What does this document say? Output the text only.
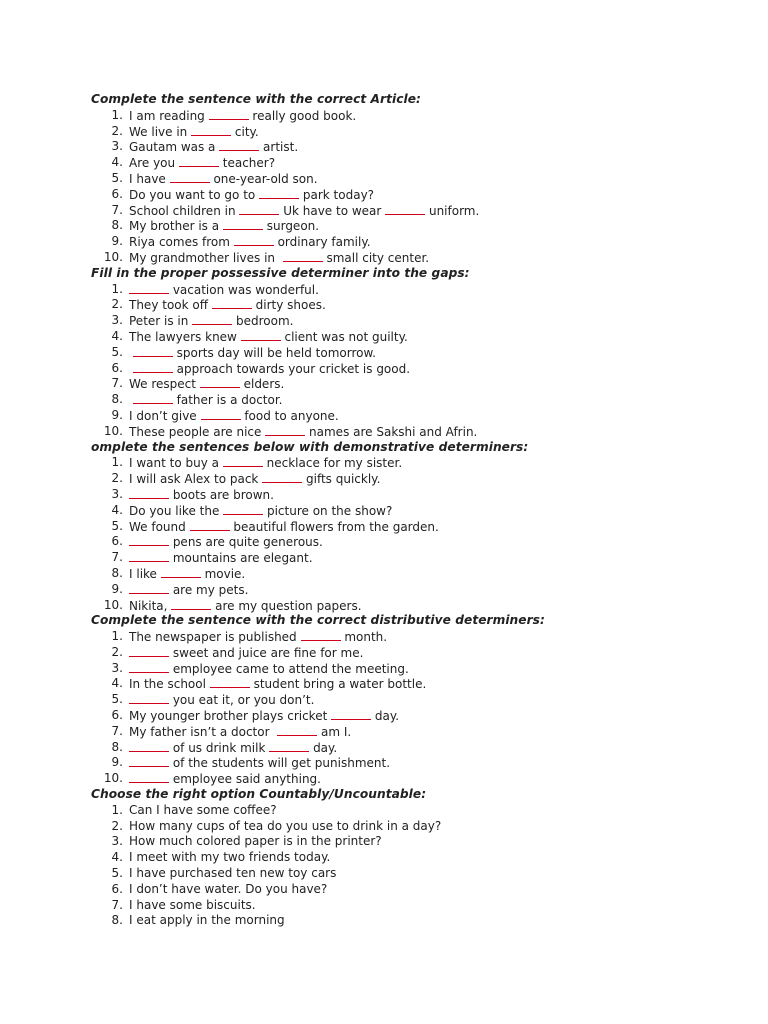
Complete the sentence with the correct Article:
1. I am reading	really good book.
2. We live in	city.
3. Gautam was a	artist.
4. Are you	teacher?
5. I have	one-year-old son.
6. Do you want to go to	park today?
7. School children in	Uk have to wear	uniform.
8. My brother is a	surgeon.
9. Riya comes from	ordinary family.
10. My grandmother lives in	small city center.
Fill in the proper possessive determiner into the gaps:
1.	vacation was wonderful.
2. They took off	dirty shoes.
3. Peter is in	bedroom.
4. The lawyers knew	client was not guilty.
5.	sports day will be held tomorrow.
6.	approach towards your cricket is good.
7. We respect	elders.
8.	father is a doctor.
9. I don’t give	food to anyone.
10. These people are nice	names are Sakshi and Afrin.
omplete the sentences below with demonstrative determiners:
1. I want to buy a	necklace for my sister.
2. I will ask Alex to pack	gifts quickly.
3.	boots are brown.
4. Do you like the	picture on the show?
5. We found	beautiful flowers from the garden.
6.	pens are quite generous.
7.	mountains are elegant.
8. I like	movie.
9.	are my pets.
10. Nikita,	are my question papers.
Complete the sentence with the correct distributive determiners:
1. The newspaper is published	month.
2.	sweet and juice are fine for me.
3.	employee came to attend the meeting.
4. In the school	student bring a water bottle.
5.	you eat it, or you don’t.
6. My younger brother plays cricket	day.
7. My father isn’t a doctor	am I.
8.	of us drink milk	day.
9.	of the students will get punishment.
10.	employee said anything.
Choose the right option Countably/Uncountable:
1. Can I have some coffee?
2. How many cups of tea do you use to drink in a day?
3. How much colored paper is in the printer?
4. I meet with my two friends today.
5. I have purchased ten new toy cars
6. I don’t have water. Do you have?
7. I have some biscuits.
8. I eat apply in the morning
